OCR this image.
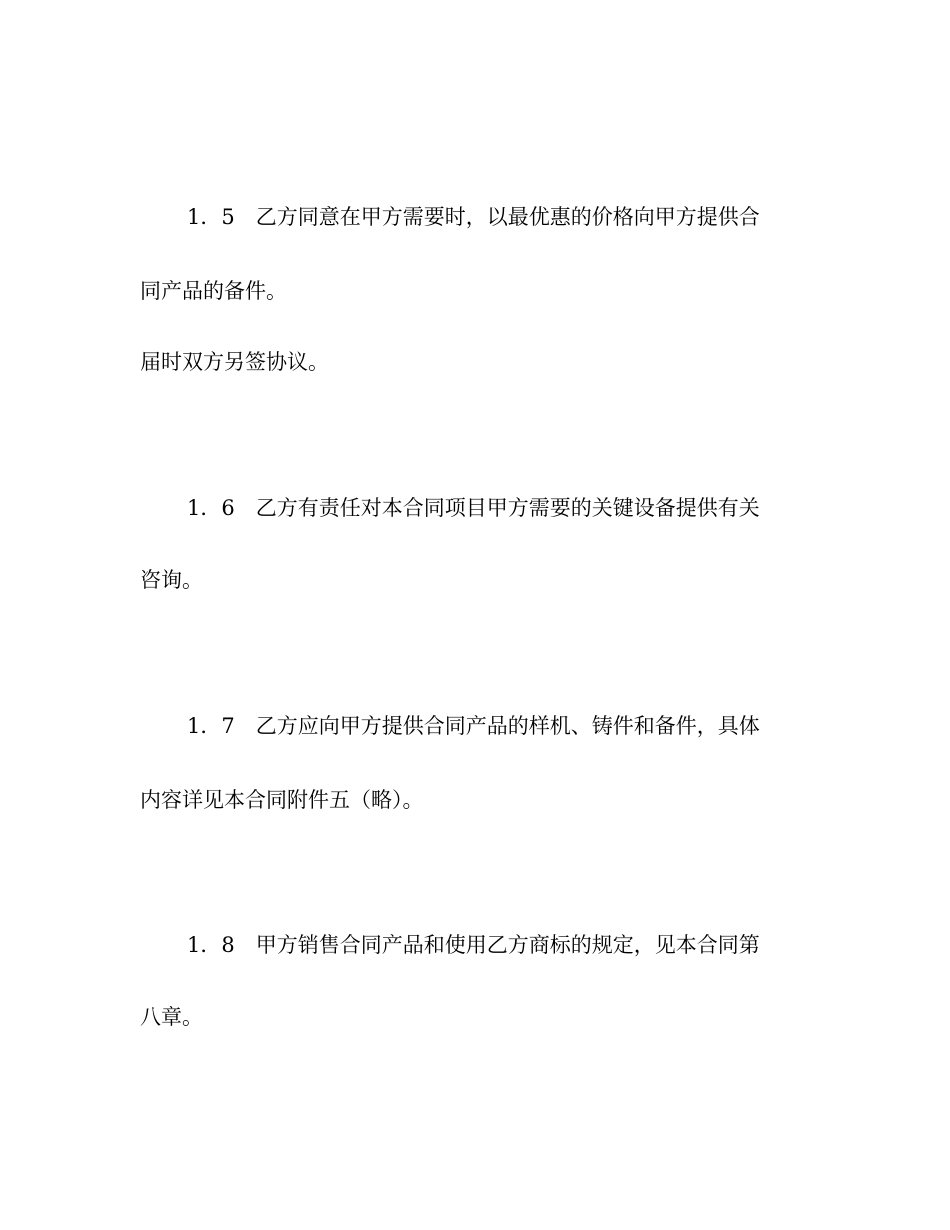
1．5　乙方同意在甲方需要时，以最优惠的价格向甲方提供合
同产品的备件。
届时双方另签协议。
1．6　乙方有责任对本合同项目甲方需要的关键设备提供有关
咨询。
1．7　乙方应向甲方提供合同产品的样机、铸件和备件，具体
内容详见本合同附件五（略）。
1．8　甲方销售合同产品和使用乙方商标的规定，见本合同第
八章。
